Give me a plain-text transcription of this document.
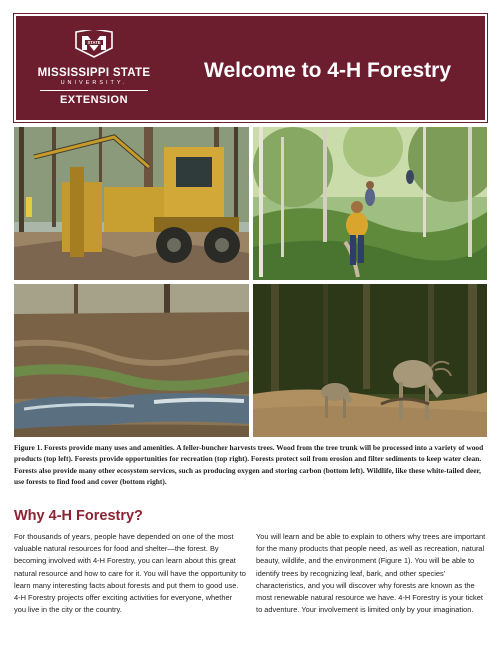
STATE
MISSISSIPPI STATE
UNIVERSITY.
EXTENSION
Welcome to 4-H Forestry
Figure 1. Forests provide many uses and amenities. A feller-buncher harvests trees. Wood from the tree trunk will be processed into a variety of wood products (top left). Forests provide opportunities for recreation (top right). Forests protect soil from erosion and filter sediments to keep water clean. Forests also provide many other ecosystem services, such as producing oxygen and storing carbon (bottom left). Wildlife, like these white-tailed deer, use forests to find food and cover (bottom right).
Why 4-H Forestry?
For thousands of years, people have depended on one of the most valuable natural resources for food and shelter—the forest. By becoming involved with 4-H Forestry, you can learn about this great natural resource and how to care for it. You will have the opportunity to learn many interesting facts about forests and put them to good use. 4-H Forestry projects offer exciting activities for everyone, whether you live in the city or the country.
You will learn and be able to explain to others why trees are important for the many products that people need, as well as recreation, natural beauty, wildlife, and the environment (Figure 1). You will be able to identify trees by recognizing leaf, bark, and other species’ characteristics, and you will discover why forests are known as the most renewable natural resource we have. 4-H Forestry is your ticket to adventure. Your involvement is limited only by your imagination.
